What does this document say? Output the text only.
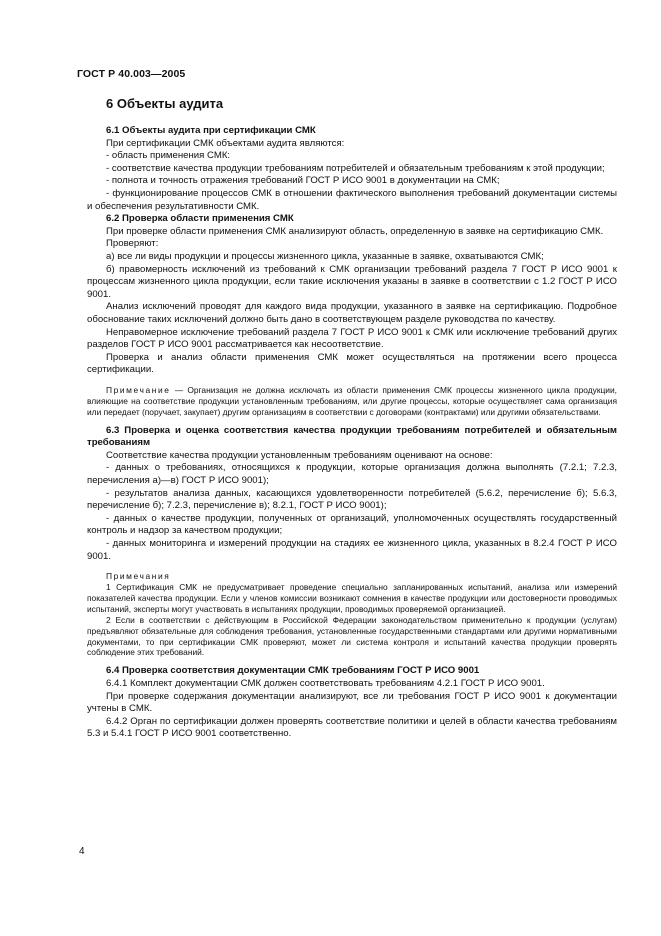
ГОСТ Р 40.003—2005
6 Объекты аудита

6.1 Объекты аудита при сертификации СМК

При сертификации СМК объектами аудита являются:

- область применения СМК:

- соответствие качества продукции требованиям потребителей и обязательным требованиям к этой продукции;

- полнота и точность отражения требований ГОСТ Р ИСО 9001 в документации на СМК;

- функционирование процессов СМК в отношении фактического выполнения требований документации системы и обеспечения результативности СМК.

6.2 Проверка области применения СМК

При проверке области применения СМК анализируют область, определенную в заявке на сертификацию СМК.

Проверяют:

а) все ли виды продукции и процессы жизненного цикла, указанные в заявке, охватываются СМК;

б) правомерность исключений из требований к СМК организации требований раздела 7 ГОСТ Р ИСО 9001 к процессам жизненного цикла продукции, если такие исключения указаны в заявке в соответствии с 1.2 ГОСТ Р ИСО 9001.

Анализ исключений проводят для каждого вида продукции, указанного в заявке на сертификацию. Подробное обоснование таких исключений должно быть дано в соответствующем разделе руководства по качеству.

Неправомерное исключение требований раздела 7 ГОСТ Р ИСО 9001 к СМК или исключение требований других разделов ГОСТ Р ИСО 9001 рассматривается как несоответствие.

Проверка и анализ области применения СМК может осуществляться на протяжении всего процесса сертификации.

Примечание — Организация не должна исключать из области применения СМК процессы жизненного цикла продукции, влияющие на соответствие продукции установленным требованиям, или другие процессы, которые осуществляет сама организация или передает (поручает, закупает) другим организациям в соответствии с договорами (контрактами) или другими обязательствами.

6.3 Проверка и оценка соответствия качества продукции требованиям потребителей и обязательным требованиям

Соответствие качества продукции установленным требованиям оценивают на основе:

- данных о требованиях, относящихся к продукции, которые организация должна выполнять (7.2.1; 7.2.3, перечисления а)—в) ГОСТ Р ИСО 9001);

- результатов анализа данных, касающихся удовлетворенности потребителей (5.6.2, перечисление б); 5.6.3, перечисление б); 7.2.3, перечисление в); 8.2.1, ГОСТ Р ИСО 9001);

- данных о качестве продукции, полученных от организаций, уполномоченных осуществлять государственный контроль и надзор за качеством продукции;

- данных мониторинга и измерений продукции на стадиях ее жизненного цикла, указанных в 8.2.4 ГОСТ Р ИСО 9001.

Примечания

1 Сертификация СМК не предусматривает проведение специально запланированных испытаний, анализа или измерений показателей качества продукции. Если у членов комиссии возникают сомнения в качестве продукции или достоверности проводимых испытаний, эксперты могут участвовать в испытаниях продукции, проводимых проверяемой организацией.

2 Если в соответствии с действующим в Российской Федерации законодательством применительно к продукции (услугам) предъявляют обязательные для соблюдения требования, установленные государственными стандартами или другими нормативными документами, то при сертификации СМК проверяют, может ли система контроля и испытаний качества продукции проверять соблюдение этих требований.

6.4 Проверка соответствия документации СМК требованиям ГОСТ Р ИСО 9001

6.4.1 Комплект документации СМК должен соответствовать требованиям 4.2.1 ГОСТ Р ИСО 9001.

При проверке содержания документации анализируют, все ли требования ГОСТ Р ИСО 9001 к документации учтены в СМК.

6.4.2 Орган по сертификации должен проверять соответствие политики и целей в области качества требованиям 5.3 и 5.4.1 ГОСТ Р ИСО 9001 соответственно.

4
